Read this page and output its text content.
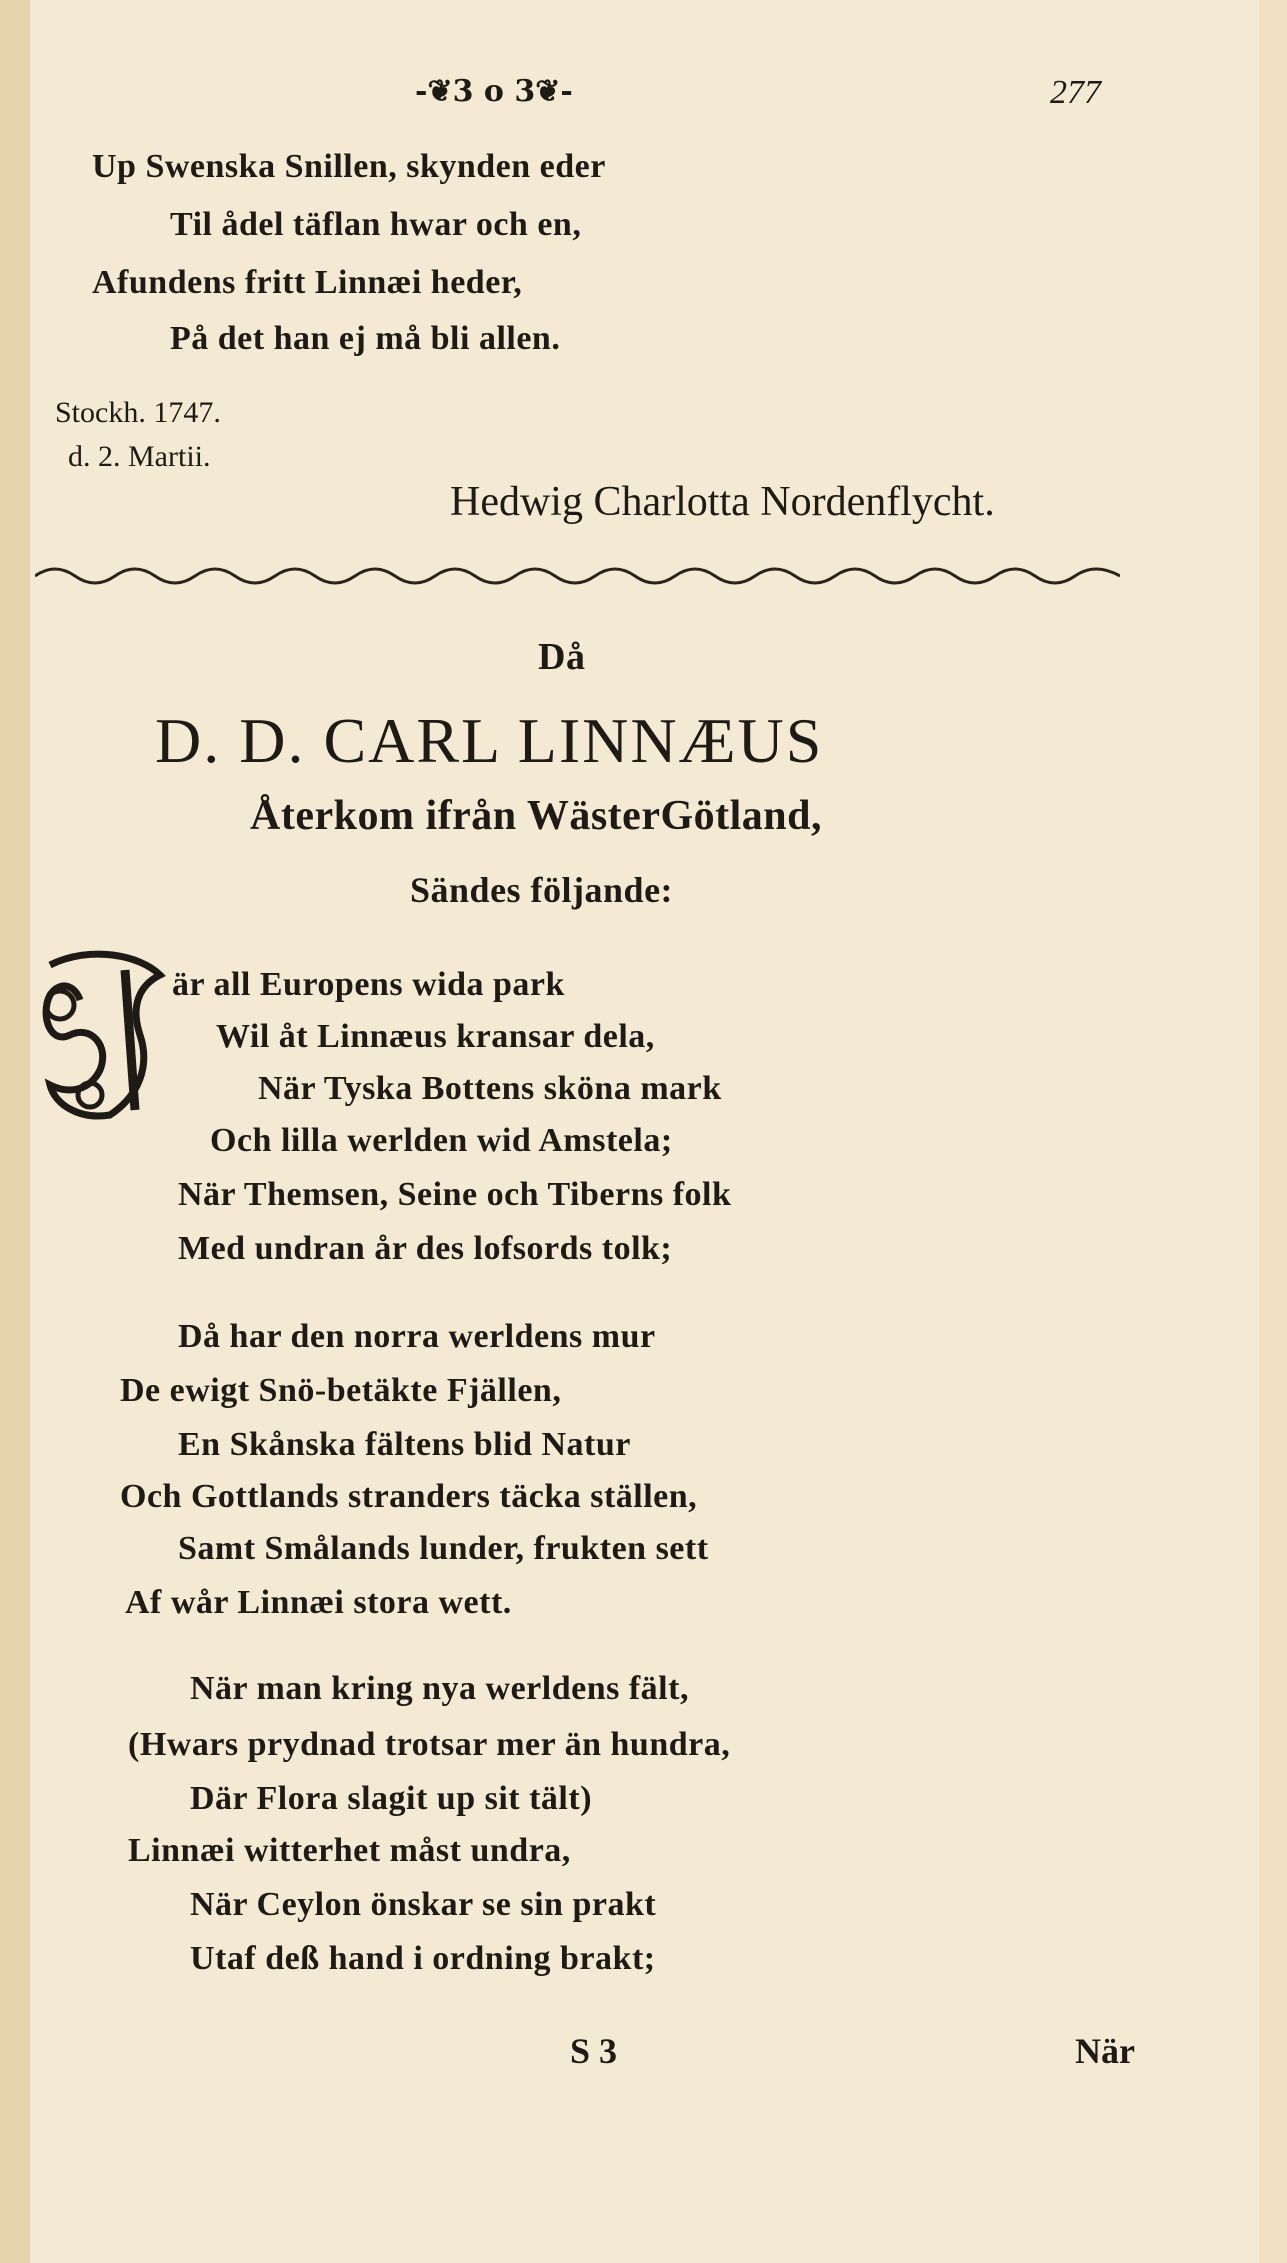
-❦3 o 3❦-	277
Up Swenska Snillen, skynden eder
Til ådel täflan hwar och en,
Afundens fritt Linnæi heder,
På det han ej må bli allen.
Stockh. 1747.
d. 2. Martii.
Hedwig Charlotta Nordenflycht.
Då
D. D. CARL LINNÆUS
Återkom ifrån WästerGötland,
Sändes följande:
är all Europens wida park
Wil åt Linnæus kransar dela,
När Tyska Bottens sköna mark
Och lilla werlden wid Amstela;
När Themsen, Seine och Tiberns folk
Med undran år des lofsords tolk;
Då har den norra werldens mur
De ewigt Snö-betäkte Fjällen,
En Skånska fältens blid Natur
Och Gottlands stranders täcka ställen,
Samt Smålands lunder, frukten sett
Af wår Linnæi stora wett.
När man kring nya werldens fält,
(Hwars prydnad trotsar mer än hundra,
Där Flora slagit up sit tält)
Linnæi witterhet måst undra,
När Ceylon önskar se sin prakt
Utaf deß hand i ordning brakt;
S 3	När
